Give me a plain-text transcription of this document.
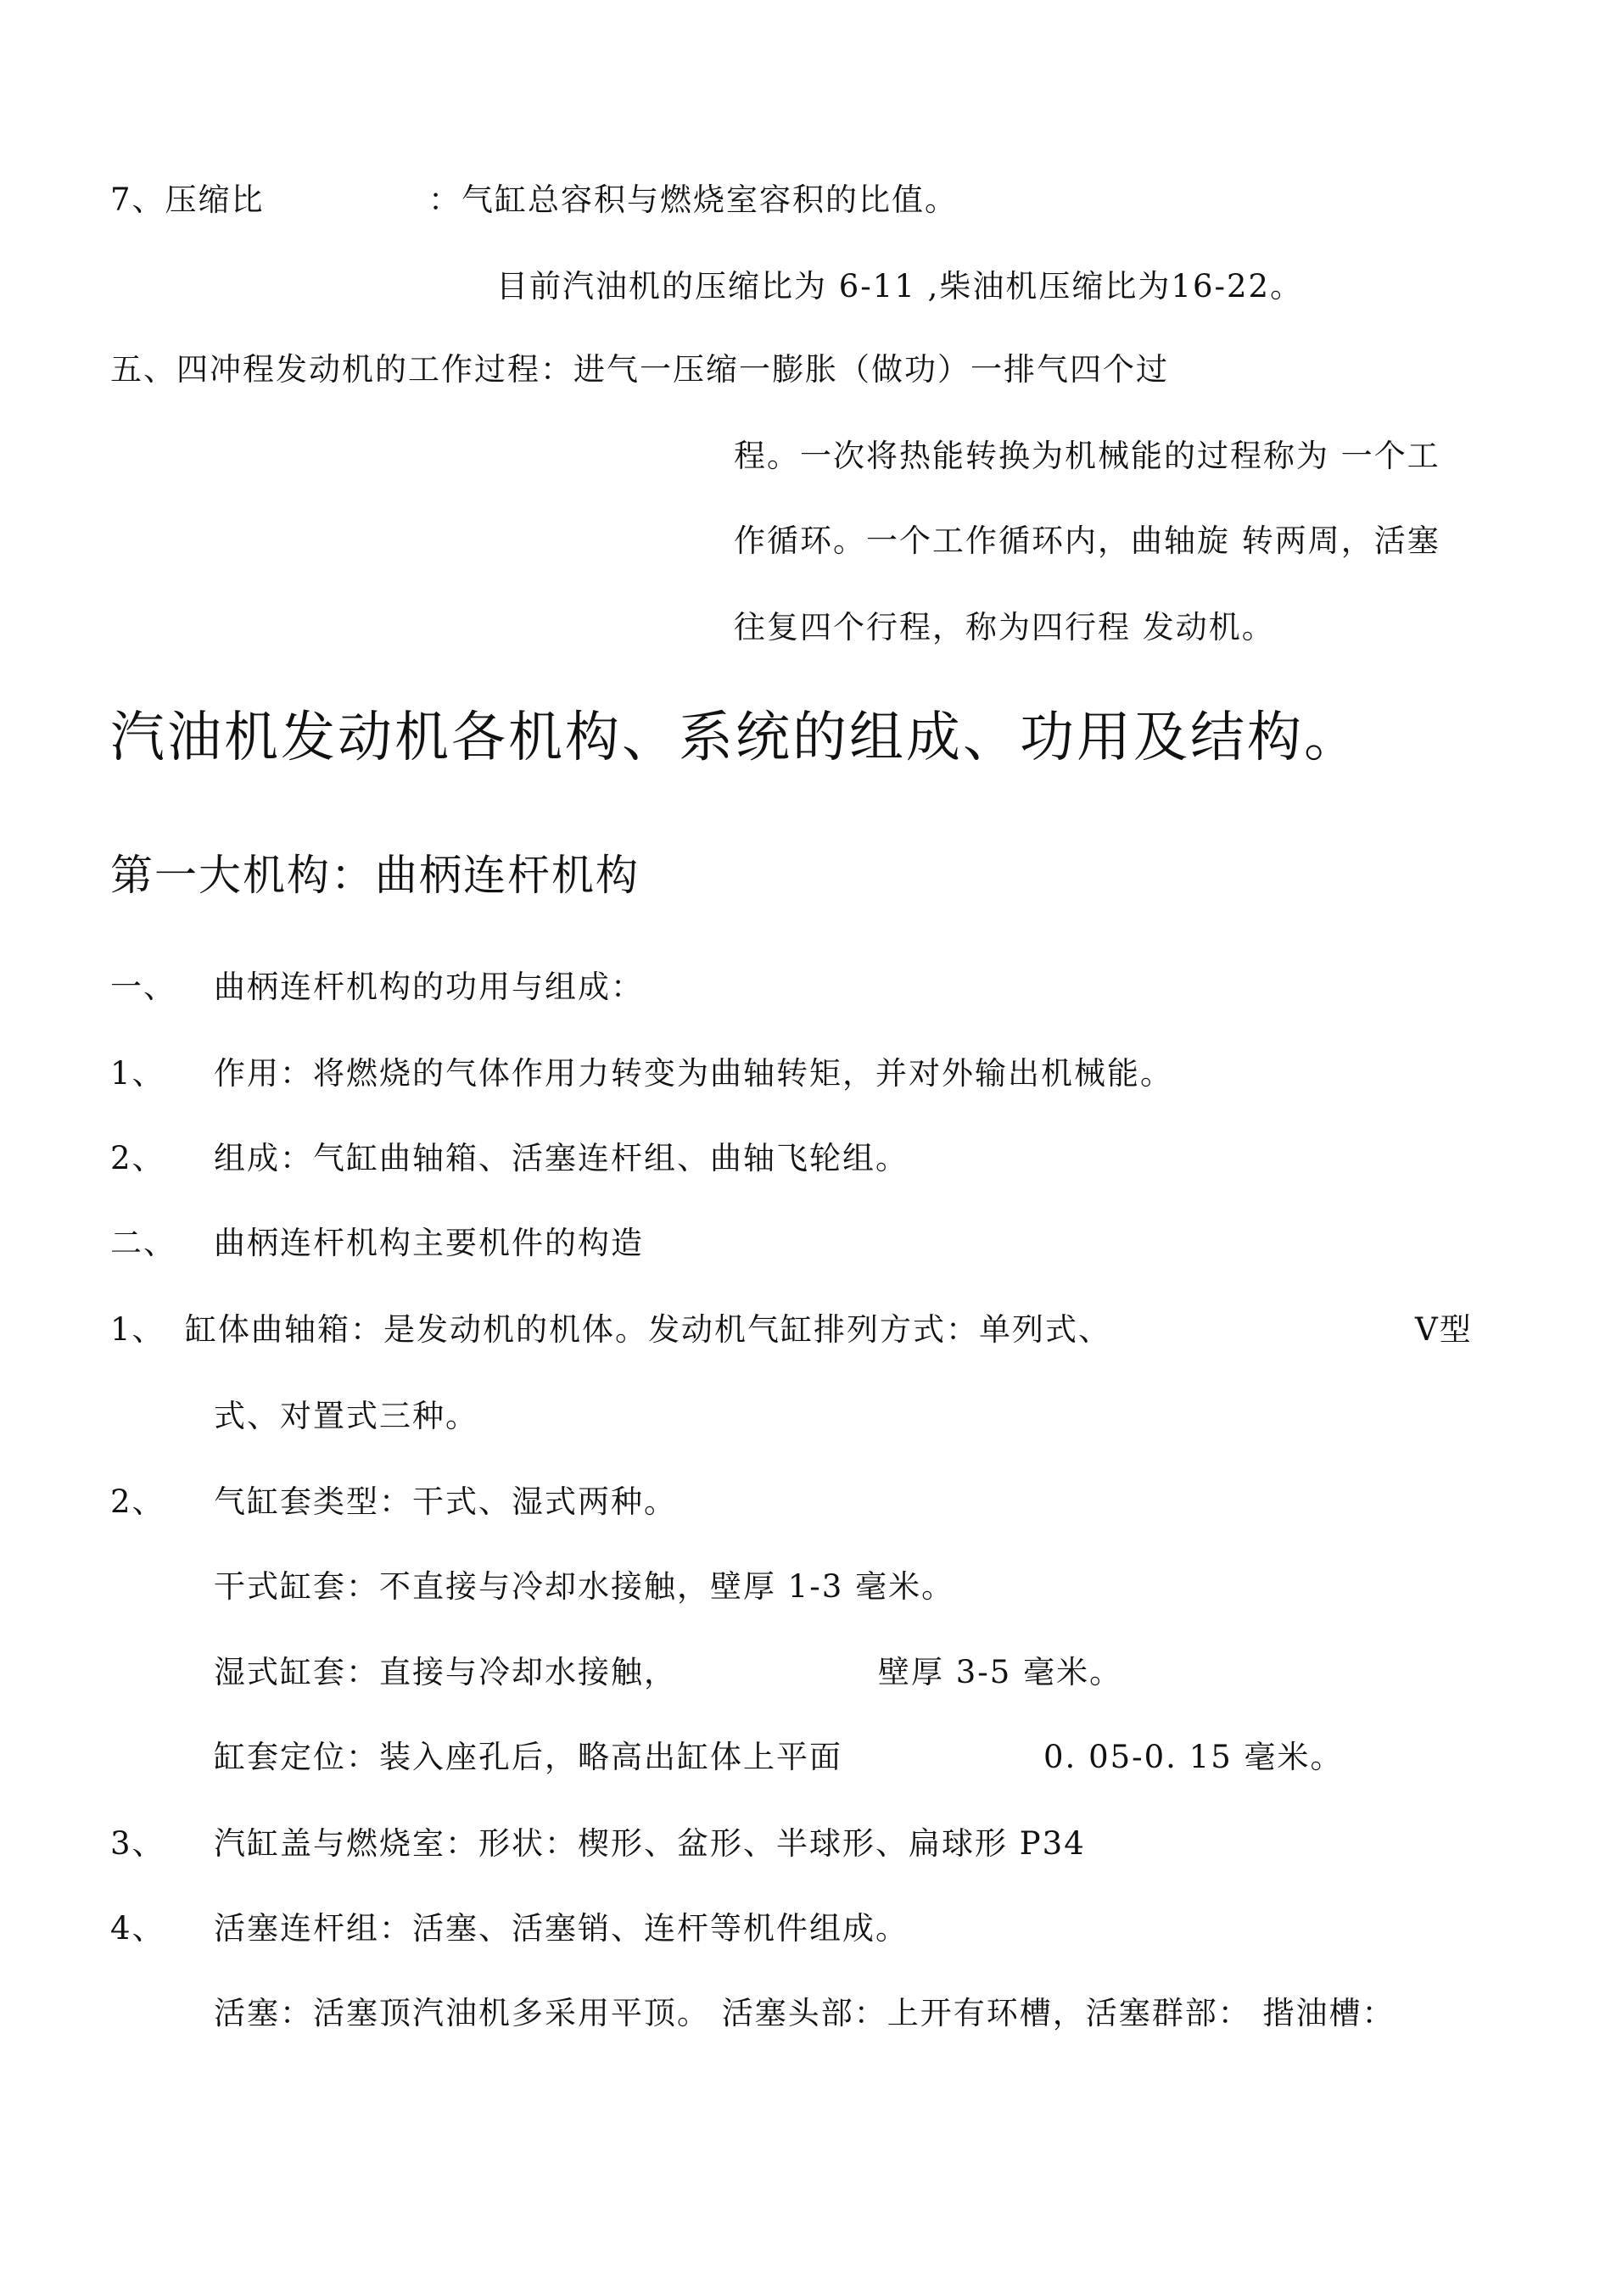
7、压缩比	：气缸总容积与燃烧室容积的比值。
目前汽油机的压缩比为 6-11 ,柴油机压缩比为16-22。
五、四冲程发动机的工作过程：进气一压缩一膨胀（做功）一排气四个过
程。一次将热能转换为机械能的过程称为 一个工
作循环。一个工作循环内，曲轴旋 转两周，活塞
往复四个行程，称为四行程 发动机。
汽油机发动机各机构、系统的组成、功用及结构。
第一大机构：曲柄连杆机构
一、 曲柄连杆机构的功用与组成：
1、 作用：将燃烧的气体作用力转变为曲轴转矩，并对外输出机械能。
2、 组成：气缸曲轴箱、活塞连杆组、曲轴飞轮组。
二、 曲柄连杆机构主要机件的构造
1、 缸体曲轴箱：是发动机的机体。发动机气缸排列方式：单列式、	V型
式、对置式三种。
2、 气缸套类型：干式、湿式两种。
干式缸套：不直接与冷却水接触，壁厚 1-3 毫米。
湿式缸套：直接与冷却水接触，	壁厚 3-5 毫米。
缸套定位：装入座孔后，略高出缸体上平面	0. 05-0. 15 毫米。
3、 汽缸盖与燃烧室：形状：楔形、盆形、半球形、扁球形 P34
4、 活塞连杆组：活塞、活塞销、连杆等机件组成。
活塞：活塞顶汽油机多采用平顶。 活塞头部：上开有环槽，活塞群部： 揩油槽：
